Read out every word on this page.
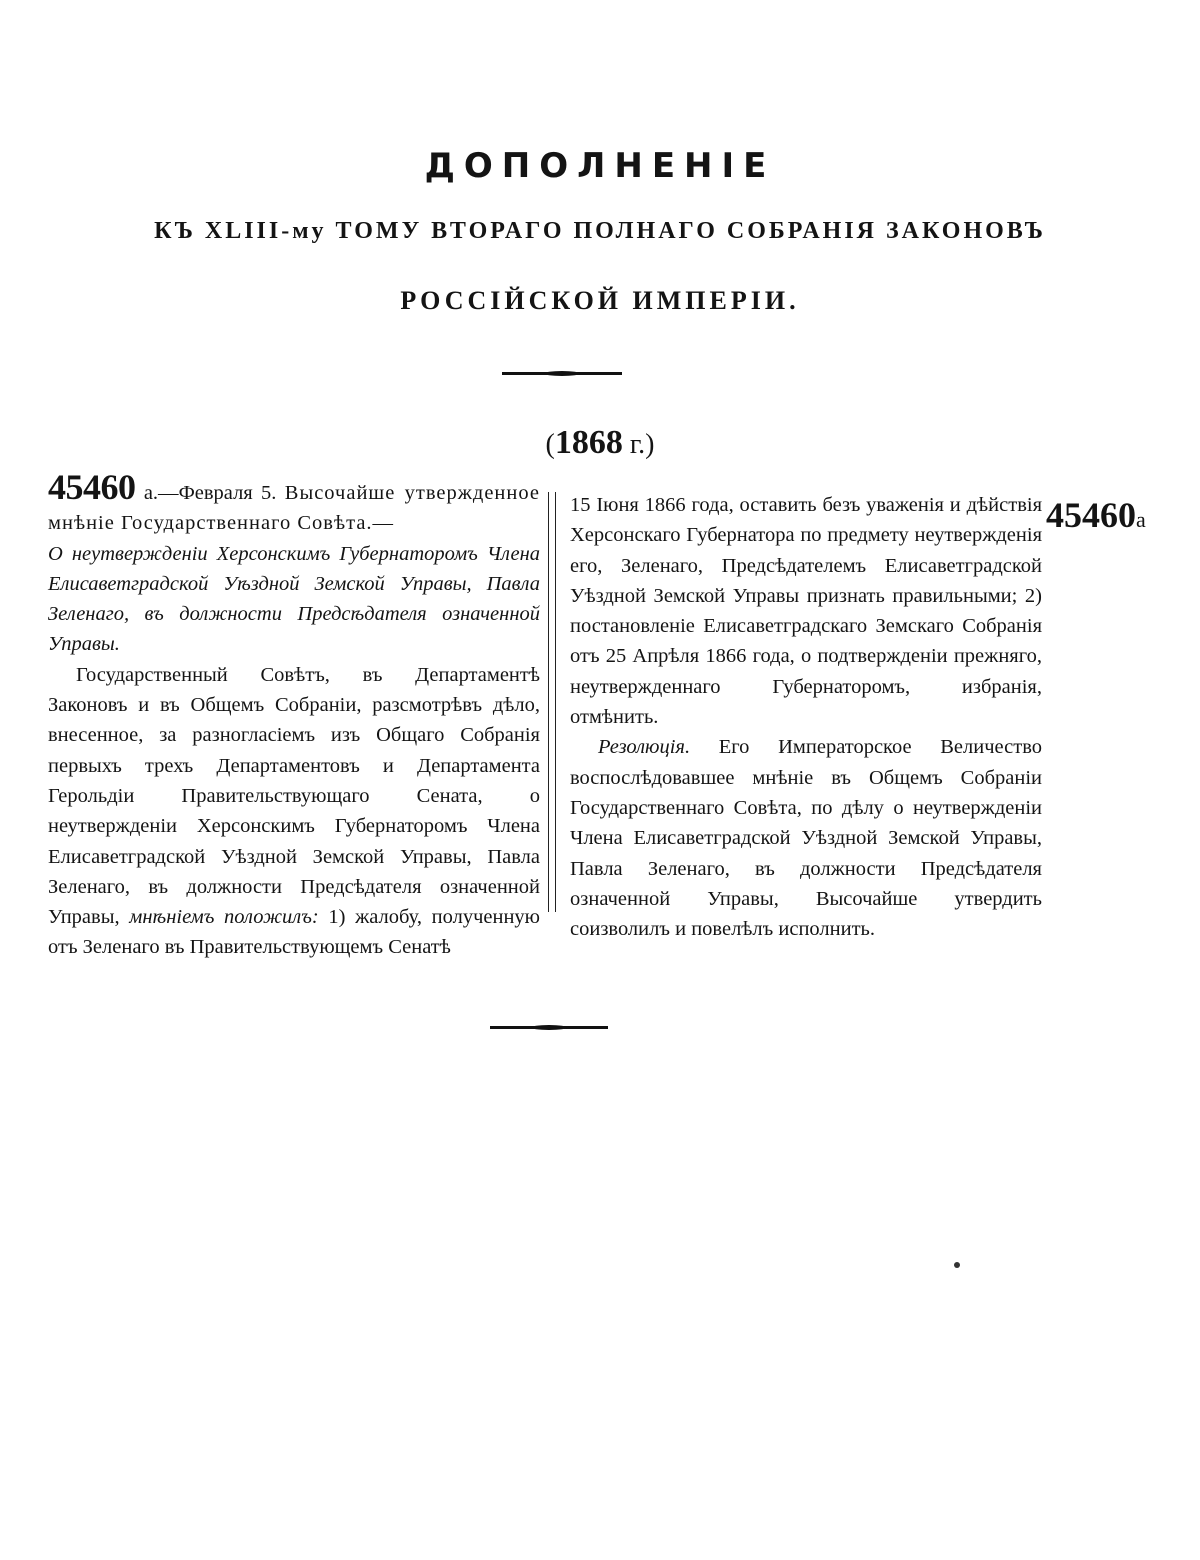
ДОПОЛНЕНІЕ
КЪ XLIII-му ТОМУ ВТОРАГО ПОЛНАГО СОБРАНІЯ ЗАКОНОВЪ
РОССІЙСКОЙ ИМПЕРІИ.
(1868 г.)

45460 а.—Февраля 5. Высочайше утвержденное мнѣніе Государственнаго Совѣта.—

О неутвержденіи Херсонскимъ Губернаторомъ Члена Елисаветградской Уѣздной Земской Управы, Павла Зеленаго, въ должности Предсѣдателя означенной Управы.

Государственный Совѣтъ, въ Департаментѣ Законовъ и въ Общемъ Собраніи, разсмотрѣвъ дѣло, внесенное, за разногласіемъ изъ Общаго Собранія первыхъ трехъ Департаментовъ и Департамента Герольдіи Правительствующаго Сената, о неутвержденіи Херсонскимъ Губернаторомъ Члена Елисаветградской Уѣздной Земской Управы, Павла Зеленаго, въ должности Предсѣдателя означенной Управы, мнѣніемъ положилъ: 1) жалобу, полученную отъ Зеленаго въ Правительствующемъ Сенатѣ

15 Іюня 1866 года, оставить безъ уваженія и дѣйствія Херсонскаго Губернатора по предмету неутвержденія его, Зеленаго, Предсѣдателемъ Елисаветградской Уѣздной Земской Управы признать правильными; 2) постановленіе Елисаветградскаго Земскаго Собранія отъ 25 Апрѣля 1866 года, о подтвержденіи прежняго, неутвержденнаго Губернаторомъ, избранія, отмѣнить.

Резолюція. Его Императорское Величество воспослѣдовавшее мнѣніе въ Общемъ Собраніи Государственнаго Совѣта, по дѣлу о неутвержденіи Члена Елисаветградской Уѣздной Земской Управы, Павла Зеленаго, въ должности Предсѣдателя означенной Управы, Высочайше утвердить соизволилъ и повелѣлъ исполнить.

45460а
